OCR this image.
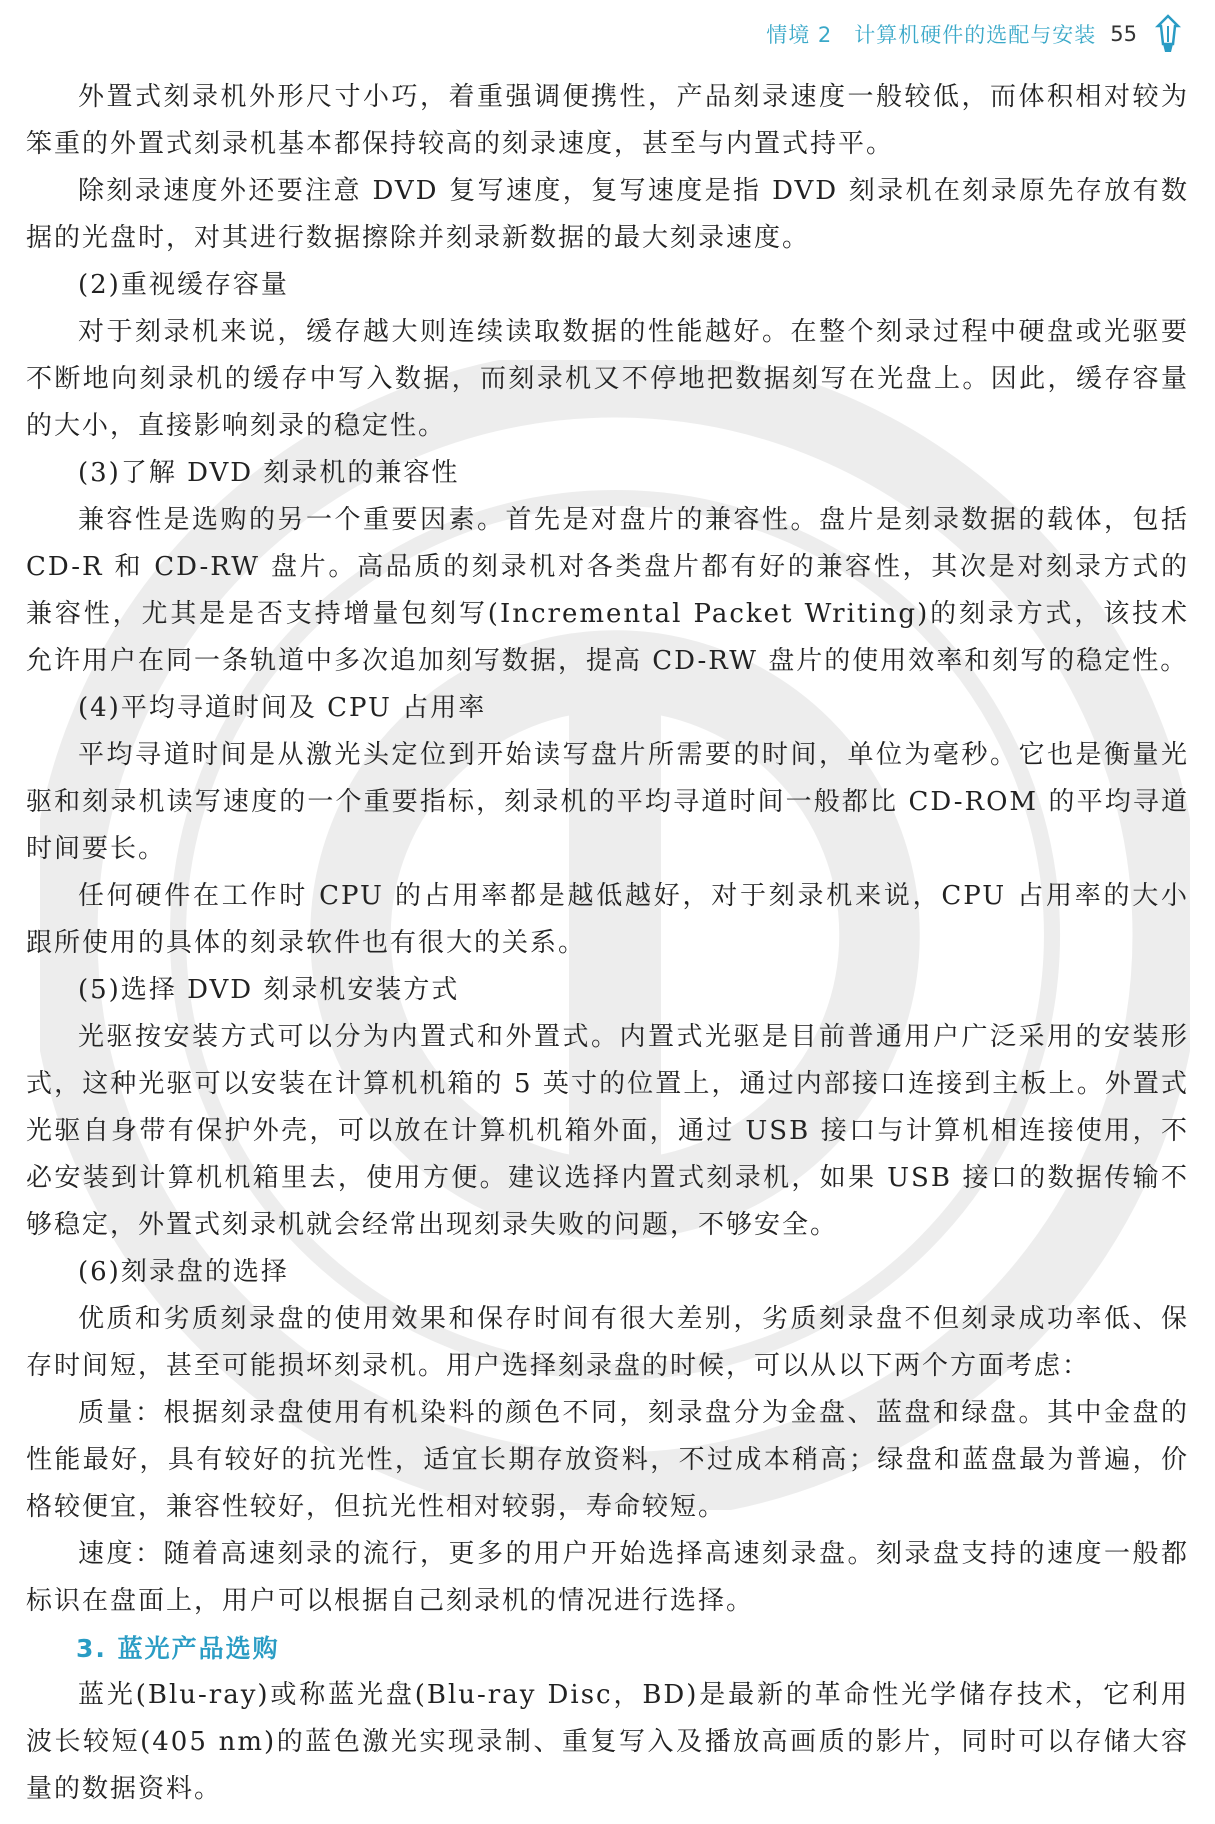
情境 2　计算机硬件的选配与安装 55

外置式刻录机外形尺寸小巧，着重强调便携性，产品刻录速度一般较低，而体积相对较为笨重的外置式刻录机基本都保持较高的刻录速度，甚至与内置式持平。

除刻录速度外还要注意 DVD 复写速度，复写速度是指 DVD 刻录机在刻录原先存放有数据的光盘时，对其进行数据擦除并刻录新数据的最大刻录速度。

(2)重视缓存容量

对于刻录机来说，缓存越大则连续读取数据的性能越好。在整个刻录过程中硬盘或光驱要不断地向刻录机的缓存中写入数据，而刻录机又不停地把数据刻写在光盘上。因此，缓存容量的大小，直接影响刻录的稳定性。

(3)了解 DVD 刻录机的兼容性

兼容性是选购的另一个重要因素。首先是对盘片的兼容性。盘片是刻录数据的载体，包括 CD-R 和 CD-RW 盘片。高品质的刻录机对各类盘片都有好的兼容性，其次是对刻录方式的兼容性，尤其是是否支持增量包刻写(Incremental Packet Writing)的刻录方式，该技术允许用户在同一条轨道中多次追加刻写数据，提高 CD-RW 盘片的使用效率和刻写的稳定性。

(4)平均寻道时间及 CPU 占用率

平均寻道时间是从激光头定位到开始读写盘片所需要的时间，单位为毫秒。它也是衡量光驱和刻录机读写速度的一个重要指标，刻录机的平均寻道时间一般都比 CD-ROM 的平均寻道时间要长。

任何硬件在工作时 CPU 的占用率都是越低越好，对于刻录机来说，CPU 占用率的大小跟所使用的具体的刻录软件也有很大的关系。

(5)选择 DVD 刻录机安装方式

光驱按安装方式可以分为内置式和外置式。内置式光驱是目前普通用户广泛采用的安装形式，这种光驱可以安装在计算机机箱的 5 英寸的位置上，通过内部接口连接到主板上。外置式光驱自身带有保护外壳，可以放在计算机机箱外面，通过 USB 接口与计算机相连接使用，不必安装到计算机机箱里去，使用方便。建议选择内置式刻录机，如果 USB 接口的数据传输不够稳定，外置式刻录机就会经常出现刻录失败的问题，不够安全。

(6)刻录盘的选择

优质和劣质刻录盘的使用效果和保存时间有很大差别，劣质刻录盘不但刻录成功率低、保存时间短，甚至可能损坏刻录机。用户选择刻录盘的时候，可以从以下两个方面考虑：

质量：根据刻录盘使用有机染料的颜色不同，刻录盘分为金盘、蓝盘和绿盘。其中金盘的性能最好，具有较好的抗光性，适宜长期存放资料，不过成本稍高；绿盘和蓝盘最为普遍，价格较便宜，兼容性较好，但抗光性相对较弱，寿命较短。

速度：随着高速刻录的流行，更多的用户开始选择高速刻录盘。刻录盘支持的速度一般都标识在盘面上，用户可以根据自己刻录机的情况进行选择。

3. 蓝光产品选购

蓝光(Blu-ray)或称蓝光盘(Blu-ray Disc，BD)是最新的革命性光学储存技术，它利用波长较短(405 nm)的蓝色激光实现录制、重复写入及播放高画质的影片，同时可以存储大容量的数据资料。
